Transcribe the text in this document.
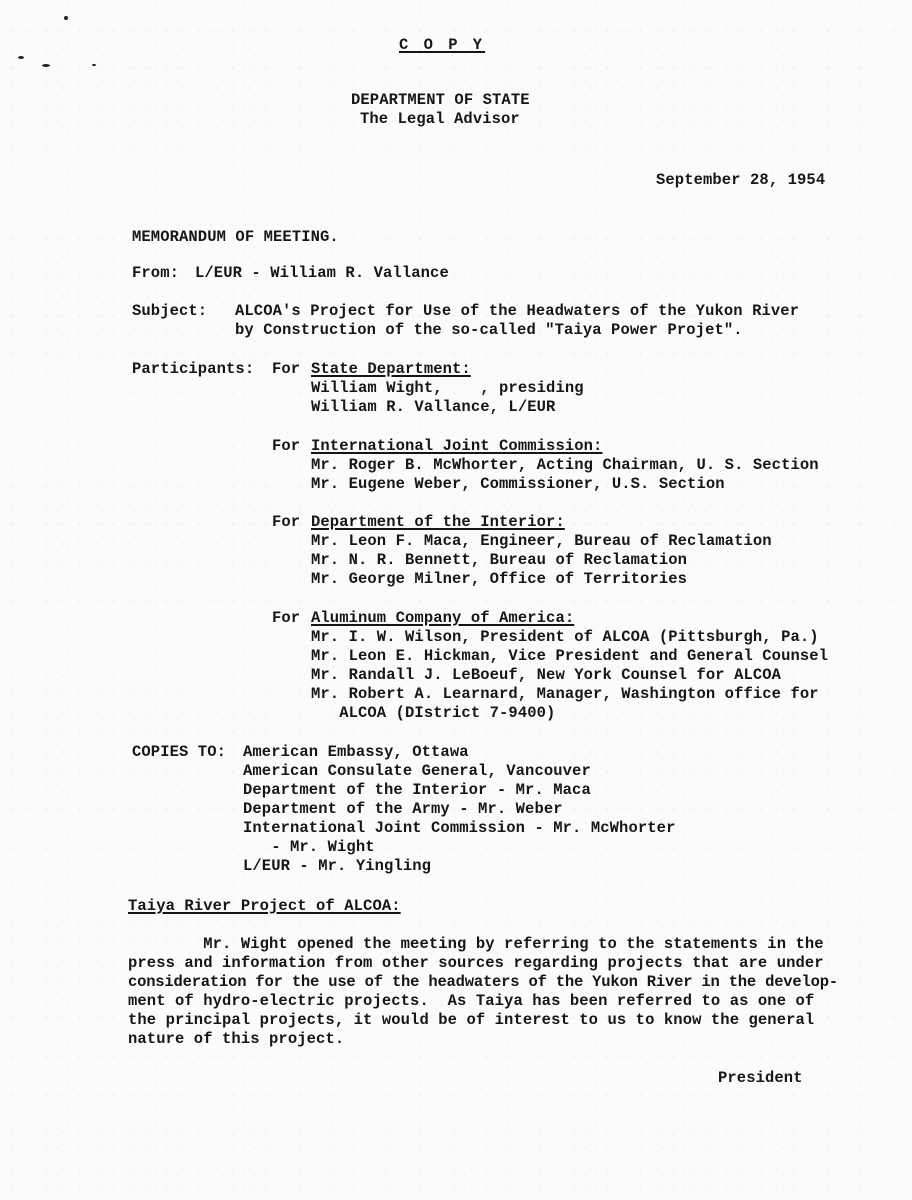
C O P Y
DEPARTMENT OF STATE
The Legal Advisor
September 28, 1954
MEMORANDUM OF MEETING.
From: L/EUR - William R. Vallance
Subject: ALCOA's Project for Use of the Headwaters of the Yukon River
by Construction of the so-called "Taiya Power Projet".
Participants: For State Department:
William Wight,    , presiding
William R. Vallance, L/EUR
For International Joint Commission:
Mr. Roger B. McWhorter, Acting Chairman, U. S. Section
Mr. Eugene Weber, Commissioner, U.S. Section
For Department of the Interior:
Mr. Leon F. Maca, Engineer, Bureau of Reclamation
Mr. N. R. Bennett, Bureau of Reclamation
Mr. George Milner, Office of Territories
For Aluminum Company of America:
Mr. I. W. Wilson, President of ALCOA (Pittsburgh, Pa.)
Mr. Leon E. Hickman, Vice President and General Counsel
Mr. Randall J. LeBoeuf, New York Counsel for ALCOA
Mr. Robert A. Learnard, Manager, Washington office for
ALCOA (DIstrict 7-9400)
COPIES TO: American Embassy, Ottawa
American Consulate General, Vancouver
Department of the Interior - Mr. Maca
Department of the Army - Mr. Weber
International Joint Commission - Mr. McWhorter
- Mr. Wight
L/EUR - Mr. Yingling
Taiya River Project of ALCOA:
Mr. Wight opened the meeting by referring to the statements in the
press and information from other sources regarding projects that are under
consideration for the use of the headwaters of the Yukon River in the develop-
ment of hydro-electric projects.  As Taiya has been referred to as one of
the principal projects, it would be of interest to us to know the general
nature of this project.
President
